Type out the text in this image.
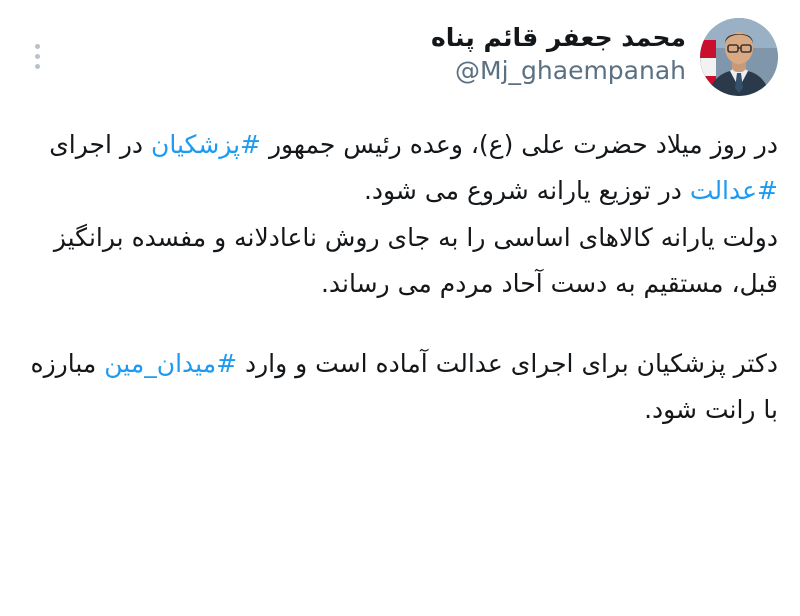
محمد جعفر قائم پناه
@Mj_ghaempanah

در روز میلاد حضرت علی (ع)، وعده رئیس جمهور #پزشکیان در اجرای #عدالت در توزیع یارانه شروع می شود.

دولت یارانه کالاهای اساسی را به جای روش ناعادلانه و مفسده برانگیز قبل، مستقیم به دست آحاد مردم می رساند.

دکتر پزشکیان برای اجرای عدالت آماده است و وارد #میدان_مین مبارزه با رانت شود.
